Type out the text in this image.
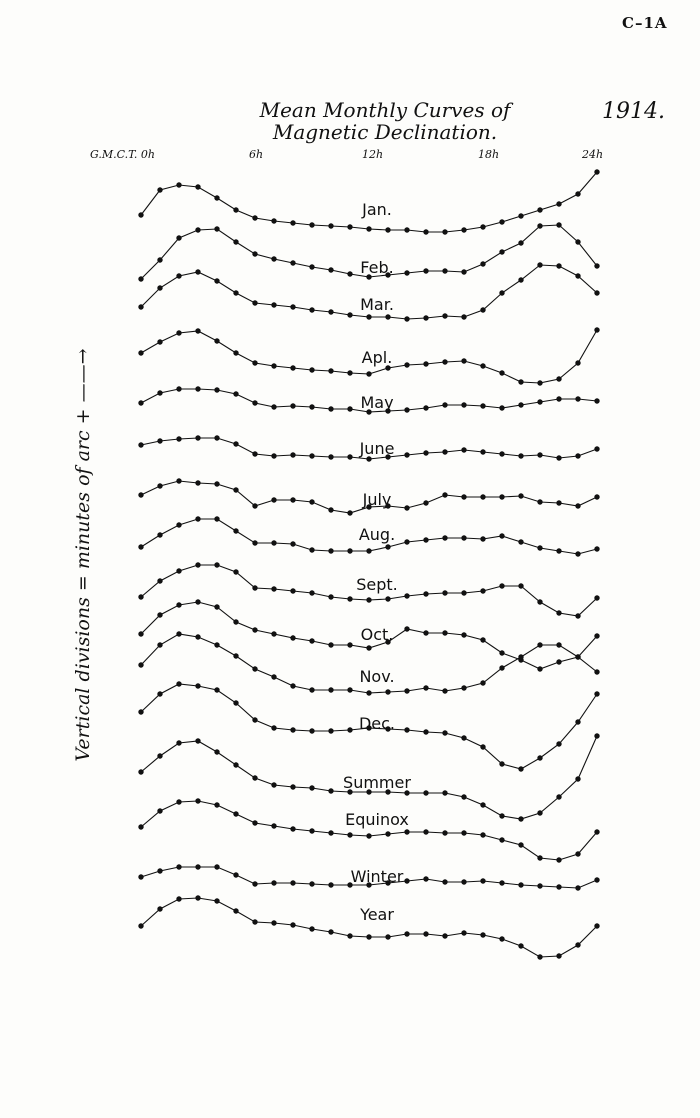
C–1A
Mean Monthly Curves of
Magnetic Declination.
1914.
G.M.C.T. 0h	6h	12h	18h	24h
Vertical divisions = minutes of arc + ——→
Jan.
Feb.
Mar.
Apl.
May
June
July
Aug.
Sept.
Oct.
Nov.
Dec.
Summer
Equinox
Winter
Year
